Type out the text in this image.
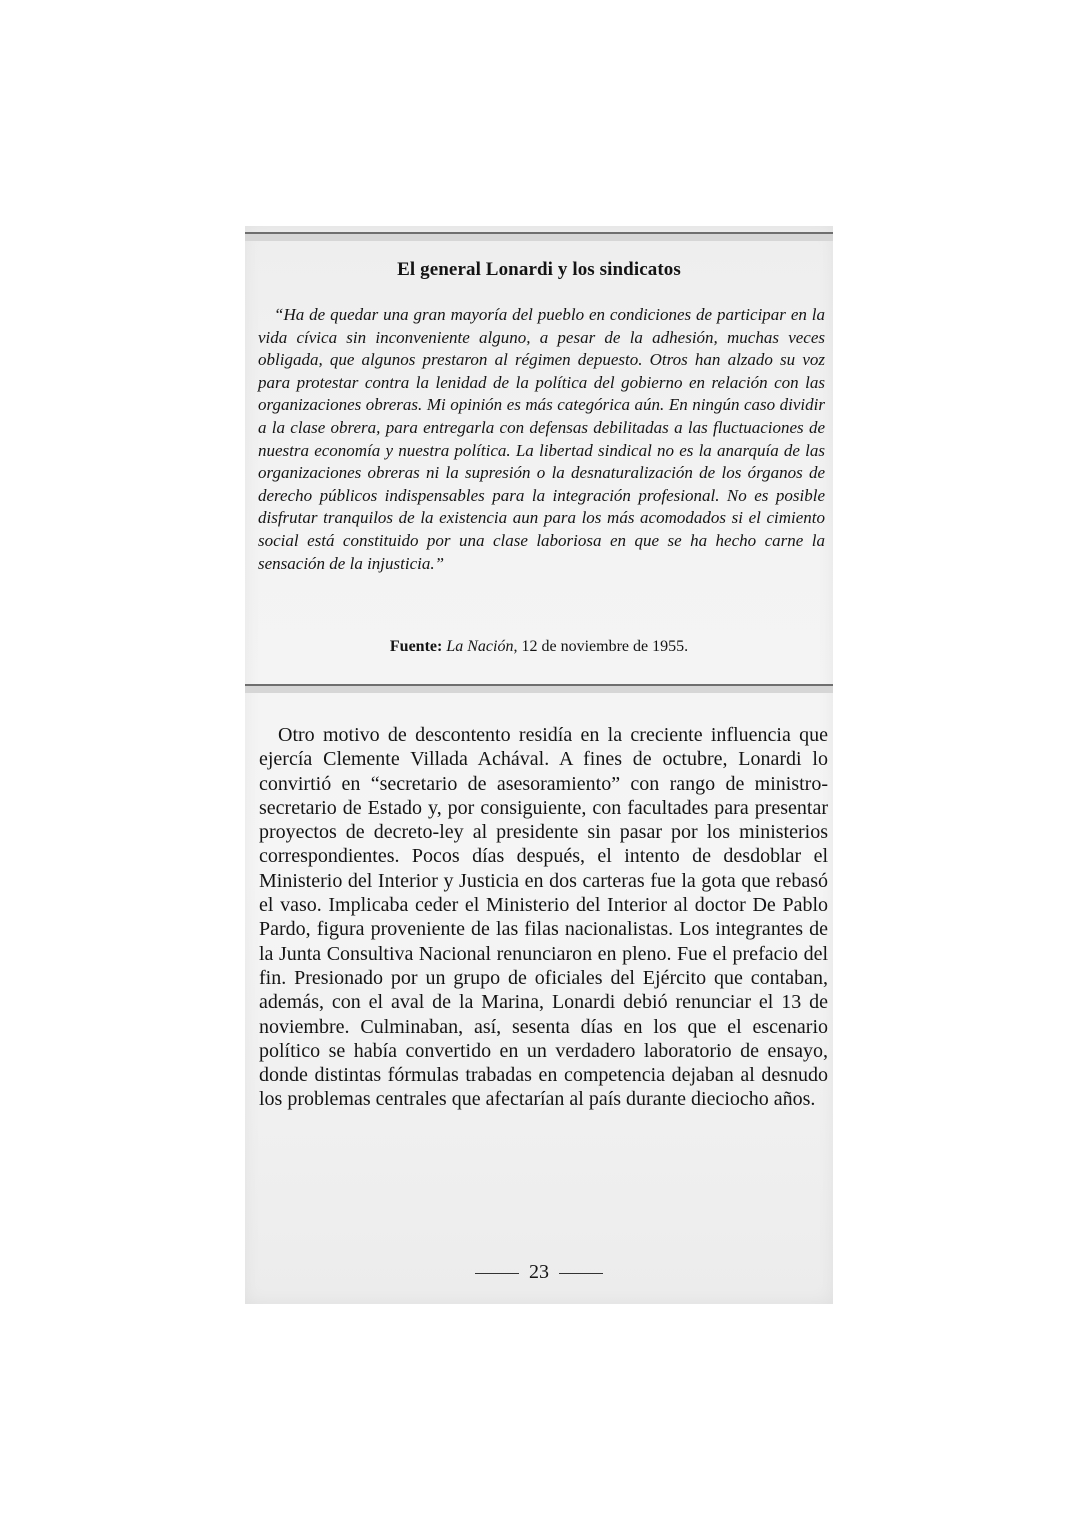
El general Lonardi y los sindicatos

“Ha de quedar una gran mayoría del pueblo en condiciones de participar en la vida cívica sin inconveniente alguno, a pesar de la adhesión, muchas veces obligada, que algunos prestaron al régimen depuesto. Otros han alzado su voz para protestar contra la lenidad de la política del gobierno en relación con las organizaciones obreras. Mi opinión es más categórica aún. En ningún caso dividir a la clase obrera, para entregarla con defensas debilitadas a las fluctuaciones de nuestra economía y nuestra política. La libertad sindical no es la anarquía de las organizaciones obreras ni la supresión o la desnaturalización de los órganos de derecho públicos indispensables para la integración profesional. No es posible disfrutar tranquilos de la existencia aun para los más acomodados si el cimiento social está constituido por una clase laboriosa en que se ha hecho carne la sensación de la injusticia.”

Fuente: La Nación, 12 de noviembre de 1955.

Otro motivo de descontento residía en la creciente influencia que ejercía Clemente Villada Achával. A fines de octubre, Lonardi lo convirtió en “secretario de asesoramiento” con rango de ministro-secretario de Estado y, por consiguiente, con facultades para presentar proyectos de decreto-ley al presidente sin pasar por los ministerios correspondientes. Pocos días después, el intento de desdoblar el Ministerio del Interior y Justicia en dos carteras fue la gota que rebasó el vaso. Implicaba ceder el Ministerio del Interior al doctor De Pablo Pardo, figura proveniente de las filas nacionalistas. Los integrantes de la Junta Consultiva Nacional renunciaron en pleno. Fue el prefacio del fin. Presionado por un grupo de oficiales del Ejército que contaban, además, con el aval de la Marina, Lonardi debió renunciar el 13 de noviembre. Culminaban, así, sesenta días en los que el escenario político se había convertido en un verdadero laboratorio de ensayo, donde distintas fórmulas trabadas en competencia dejaban al desnudo los problemas centrales que afectarían al país durante dieciocho años.

23
